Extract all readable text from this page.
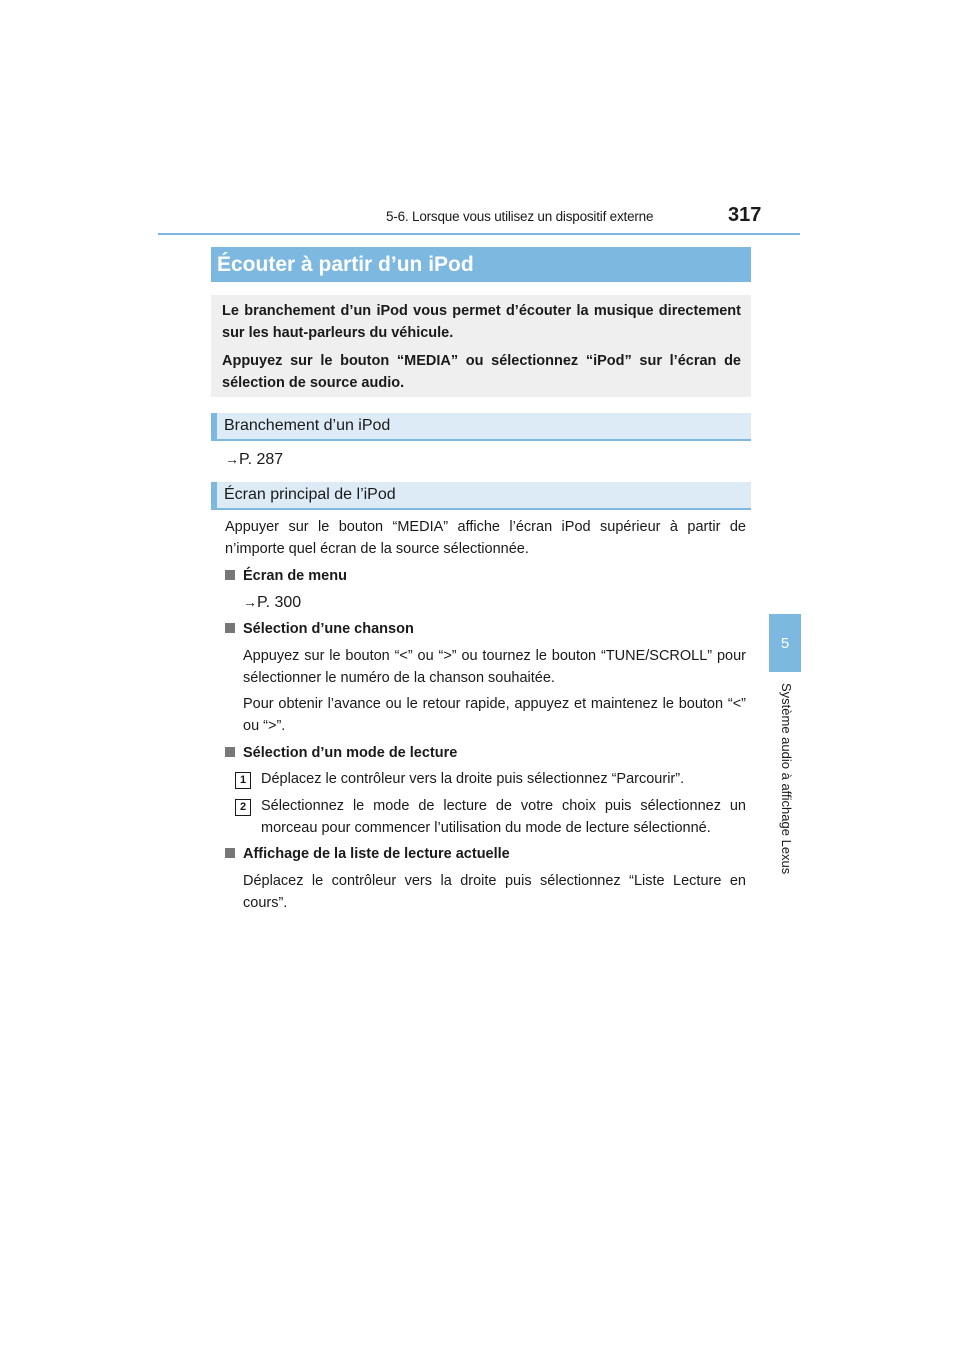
5-6. Lorsque vous utilisez un dispositif externe	317
5
Système audio à affichage Lexus
Écouter à partir d’un iPod

Le branchement d’un iPod vous permet d’écouter la musique directement sur les haut-parleurs du véhicule.

Appuyez sur le bouton “MEDIA” ou sélectionnez “iPod” sur l’écran de sélection de source audio.

Branchement d’un iPod
→P. 287
Écran principal de l’iPod
Appuyer sur le bouton “MEDIA” affiche l’écran iPod supérieur à partir de n’importe quel écran de la source sélectionnée.
Écran de menu
→P. 300
Sélection d’une chanson
Appuyez sur le bouton “<” ou “>” ou tournez le bouton “TUNE/SCROLL” pour sélectionner le numéro de la chanson souhaitée.
Pour obtenir l’avance ou le retour rapide, appuyez et maintenez le bouton “<” ou “>”.
Sélection d’un mode de lecture
1	Déplacez le contrôleur vers la droite puis sélectionnez “Parcourir”.
2	Sélectionnez le mode de lecture de votre choix puis sélectionnez un morceau pour commencer l’utilisation du mode de lecture sélectionné.
Affichage de la liste de lecture actuelle
Déplacez le contrôleur vers la droite puis sélectionnez “Liste Lecture en cours”.
